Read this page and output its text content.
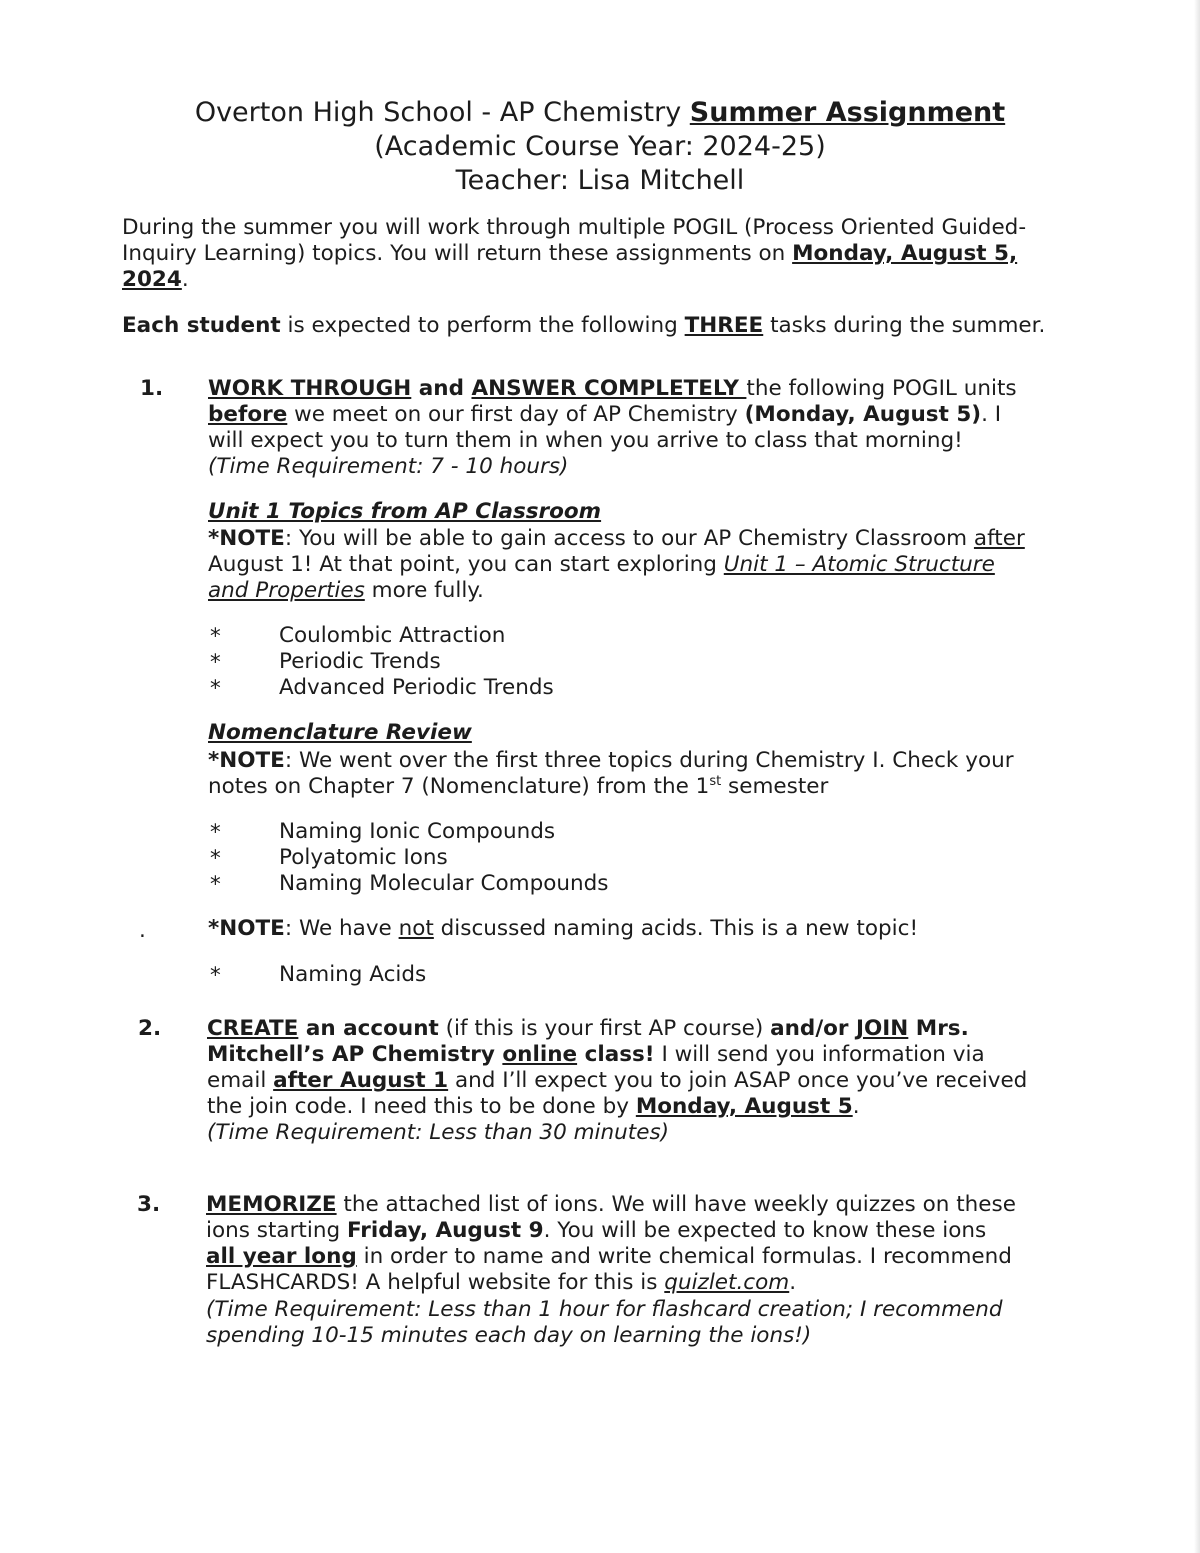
Overton High School - AP Chemistry Summer Assignment
(Academic Course Year: 2024-25)
Teacher: Lisa Mitchell
During the summer you will work through multiple POGIL (Process Oriented Guided-
Inquiry Learning) topics. You will return these assignments on Monday, August 5,
2024.
Each student is expected to perform the following THREE tasks during the summer.
1. WORK THROUGH and ANSWER COMPLETELY the following POGIL units
before we meet on our first day of AP Chemistry (Monday, August 5). I
will expect you to turn them in when you arrive to class that morning!
(Time Requirement: 7 - 10 hours)
Unit 1 Topics from AP Classroom
*NOTE: You will be able to gain access to our AP Chemistry Classroom after
August 1! At that point, you can start exploring Unit 1 – Atomic Structure
and Properties more fully.
*	Coulombic Attraction
*	Periodic Trends
*	Advanced Periodic Trends
Nomenclature Review
*NOTE: We went over the first three topics during Chemistry I. Check your
notes on Chapter 7 (Nomenclature) from the 1st semester
*	Naming Ionic Compounds
*	Polyatomic Ions
*	Naming Molecular Compounds
.	*NOTE: We have not discussed naming acids. This is a new topic!
*	Naming Acids
2. CREATE an account (if this is your first AP course) and/or JOIN Mrs.
Mitchell’s AP Chemistry online class! I will send you information via
email after August 1 and I’ll expect you to join ASAP once you’ve received
the join code. I need this to be done by Monday, August 5.
(Time Requirement: Less than 30 minutes)
3. MEMORIZE the attached list of ions. We will have weekly quizzes on these
ions starting Friday, August 9. You will be expected to know these ions
all year long in order to name and write chemical formulas. I recommend
FLASHCARDS! A helpful website for this is quizlet.com.
(Time Requirement: Less than 1 hour for flashcard creation; I recommend
spending 10-15 minutes each day on learning the ions!)
